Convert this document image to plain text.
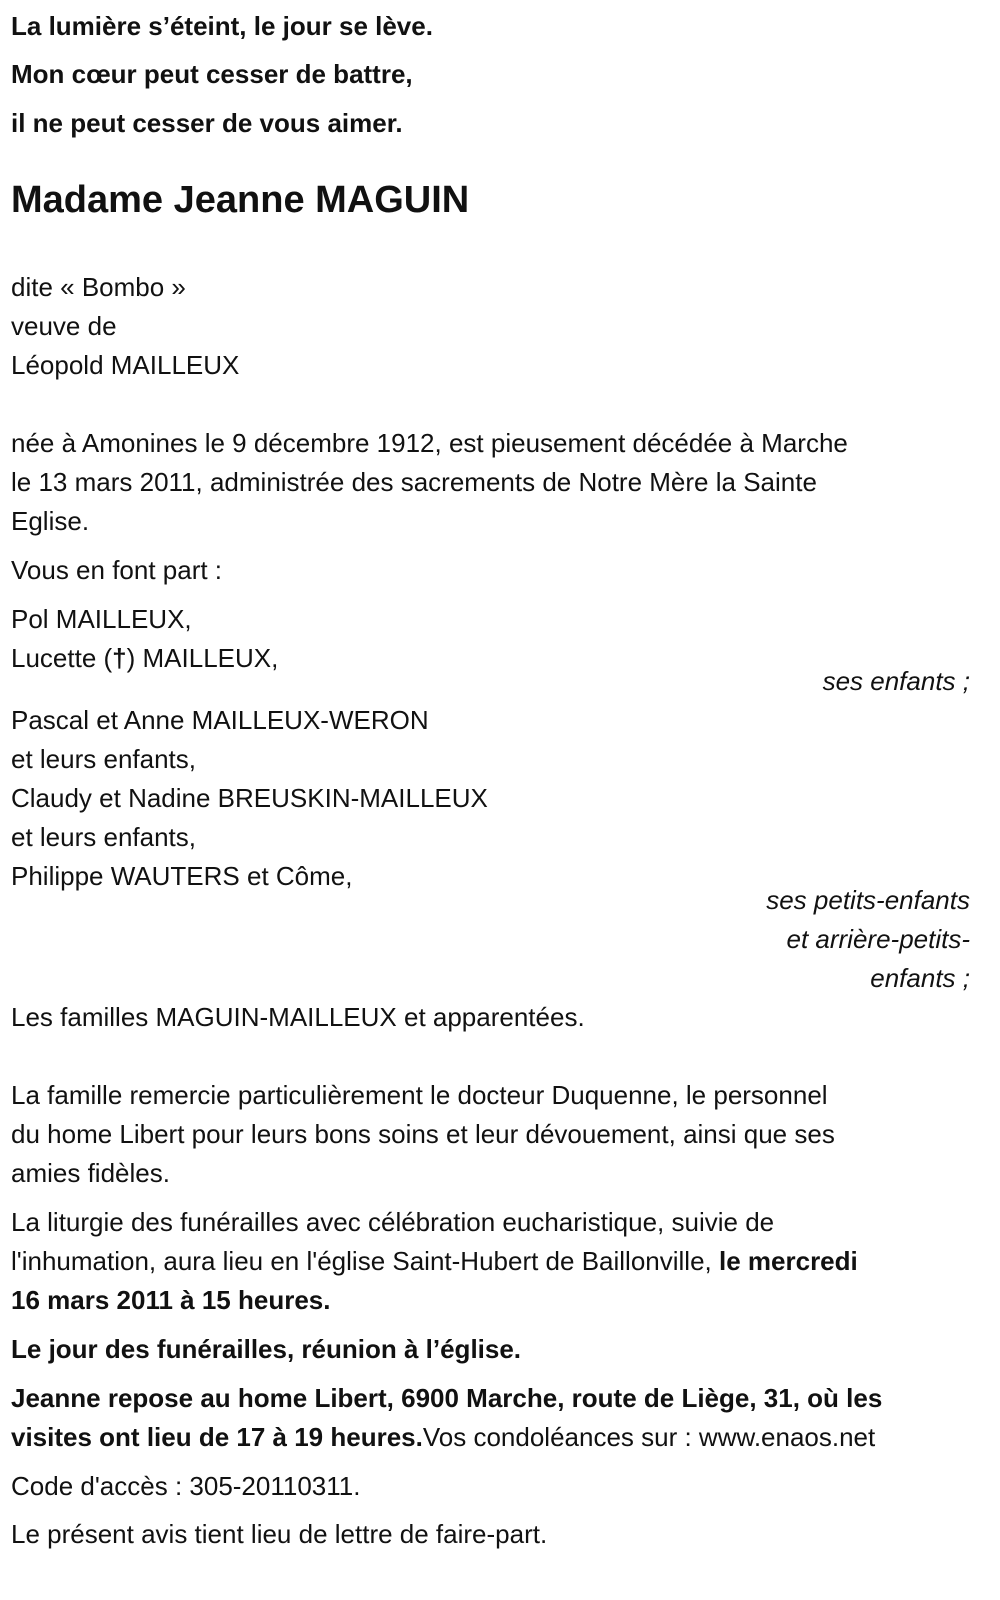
La lumière s’éteint, le jour se lève.
Mon cœur peut cesser de battre,
il ne peut cesser de vous aimer.
Madame Jeanne MAGUIN
dite « Bombo »
veuve de
Léopold MAILLEUX
née à Amonines le 9 décembre 1912, est pieusement décédée à Marche
le 13 mars 2011, administrée des sacrements de Notre Mère la Sainte
Eglise.
Vous en font part :
Pol MAILLEUX,
Lucette (†) MAILLEUX,
ses enfants ;
Pascal et Anne MAILLEUX-WERON
et leurs enfants,
Claudy et Nadine BREUSKIN-MAILLEUX
et leurs enfants,
Philippe WAUTERS et Côme,
ses petits-enfants
et arrière-petits-
enfants ;
Les familles MAGUIN-MAILLEUX et apparentées.
La famille remercie particulièrement le docteur Duquenne, le personnel
du home Libert pour leurs bons soins et leur dévouement, ainsi que ses
amies fidèles.
La liturgie des funérailles avec célébration eucharistique, suivie de
l'inhumation, aura lieu en l'église Saint-Hubert de Baillonville, le mercredi
16 mars 2011 à 15 heures.
Le jour des funérailles, réunion à l’église.
Jeanne repose au home Libert, 6900 Marche, route de Liège, 31, où les
visites ont lieu de 17 à 19 heures.Vos condoléances sur : www.enaos.net
Code d'accès : 305-20110311.
Le présent avis tient lieu de lettre de faire-part.
